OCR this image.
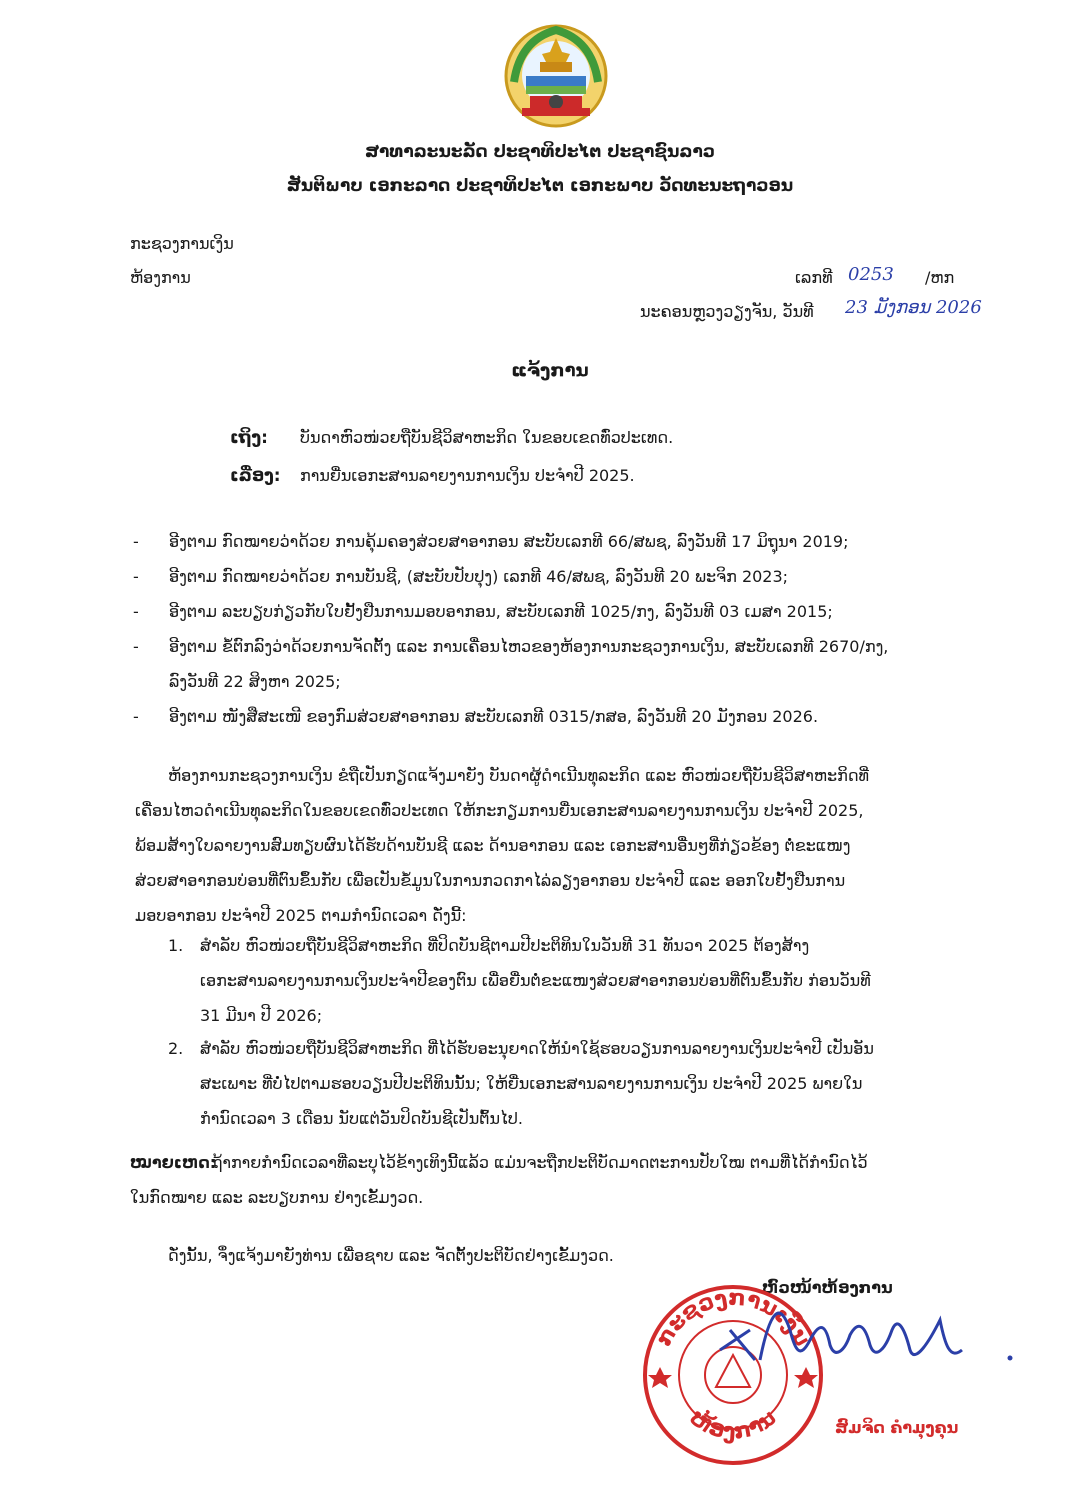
ສາທາລະນະລັດ ປະຊາທິປະໄຕ ປະຊາຊົນລາວ
ສັນຕິພາບ ເອກະລາດ ປະຊາທິປະໄຕ ເອກະພາບ ວັດທະນະຖາວອນ
ກະຊວງການເງິນ
ຫ້ອງການ	ເລກທີ 0253 /ຫກ
ນະຄອນຫຼວງວຽງຈັນ, ວັນທີ 23 ມັງກອນ 2026
ແຈ້ງການ
ເຖິງ: ບັນດາຫົວໜ່ວຍຖືບັນຊີວິສາຫະກິດ ໃນຂອບເຂດທົ່ວປະເທດ.
ເລື່ອງ: ການຍື່ນເອກະສານລາຍງານການເງິນ ປະຈໍາປີ 2025.
- ອີງຕາມ ກົດໝາຍວ່າດ້ວຍ ການຄຸ້ມຄອງສ່ວຍສາອາກອນ ສະບັບເລກທີ 66/ສພຊ, ລົງວັນທີ 17 ມິຖຸນາ 2019;
- ອີງຕາມ ກົດໝາຍວ່າດ້ວຍ ການບັນຊີ, (ສະບັບປັບປຸງ) ເລກທີ 46/ສພຊ, ລົງວັນທີ 20 ພະຈິກ 2023;
- ອີງຕາມ ລະບຽບກ່ຽວກັບໃບຢັ້ງຢືນການມອບອາກອນ, ສະບັບເລກທີ 1025/ກງ, ລົງວັນທີ 03 ເມສາ 2015;
- ອີງຕາມ ຂໍ້ຕົກລົງວ່າດ້ວຍການຈັດຕັ້ງ ແລະ ການເຄື່ອນໄຫວຂອງຫ້ອງການກະຊວງການເງິນ, ສະບັບເລກທີ 2670/ກງ,
ລົງວັນທີ 22 ສິງຫາ 2025;
- ອີງຕາມ ໜັງສືສະເໜີ ຂອງກົມສ່ວຍສາອາກອນ ສະບັບເລກທີ 0315/ກສອ, ລົງວັນທີ 20 ມັງກອນ 2026.
ຫ້ອງການກະຊວງການເງິນ ຂໍຖືເປັນກຽດແຈ້ງມາຍັງ ບັນດາຜູ້ດໍາເນີນທຸລະກິດ ແລະ ຫົວໜ່ວຍຖືບັນຊີວິສາຫະກິດທີ່
ເຄື່ອນໄຫວດໍາເນີນທຸລະກິດໃນຂອບເຂດທົ່ວປະເທດ ໃຫ້ກະກຽມການຍື່ນເອກະສານລາຍງານການເງິນ ປະຈໍາປີ 2025,
ພ້ອມສ້າງໃບລາຍງານສົມທຽບຜົນໄດ້ຮັບດ້ານບັນຊີ ແລະ ດ້ານອາກອນ ແລະ ເອກະສານອື່ນໆທີ່ກ່ຽວຂ້ອງ ຕໍ່ຂະແໜງ
ສ່ວຍສາອາກອນບ່ອນທີ່ຕົນຂຶ້ນກັບ ເພື່ອເປັນຂໍ້ມູນໃນການກວດກາໄລ່ລຽງອາກອນ ປະຈໍາປີ ແລະ ອອກໃບຢັ້ງຢືນການ
ມອບອາກອນ ປະຈໍາປີ 2025 ຕາມກໍານົດເວລາ ດັ່ງນີ້:
1. ສໍາລັບ ຫົວໜ່ວຍຖືບັນຊີວິສາຫະກິດ ທີ່ປິດບັນຊີຕາມປີປະຕິທິນໃນວັນທີ 31 ທັນວາ 2025 ຕ້ອງສ້າງ
ເອກະສານລາຍງານການເງິນປະຈໍາປີຂອງຕົນ ເພື່ອຍື່ນຕໍ່ຂະແໜງສ່ວຍສາອາກອນບ່ອນທີ່ຕົນຂຶ້ນກັບ ກ່ອນວັນທີ
31 ມີນາ ປີ 2026;
2. ສໍາລັບ ຫົວໜ່ວຍຖືບັນຊີວິສາຫະກິດ ທີ່ໄດ້ຮັບອະນຸຍາດໃຫ້ນໍາໃຊ້ຮອບວຽນການລາຍງານເງິນປະຈໍາປີ ເປັນອັນ
ສະເພາະ ທີ່ບໍ່ໄປຕາມຮອບວຽນປີປະຕິທິນນັ້ນ; ໃຫ້ຍື່ນເອກະສານລາຍງານການເງິນ ປະຈໍາປີ 2025 ພາຍໃນ
ກໍານົດເວລາ 3 ເດືອນ ນັບແຕ່ວັນປິດບັນຊີເປັນຕົ້ນໄປ.
ໝາຍເຫດ:
ຖ້າກາຍກໍານົດເວລາທີ່ລະບຸໄວ້ຂ້າງເທິງນີ້ແລ້ວ ແມ່ນຈະຖືກປະຕິບັດມາດຕະການປັບໃໝ ຕາມທີ່ໄດ້ກໍານົດໄວ້
ໃນກົດໝາຍ ແລະ ລະບຽບການ ຢ່າງເຂັ້ມງວດ.
ດັ່ງນັ້ນ, ຈຶ່ງແຈ້ງມາຍັງທ່ານ ເພື່ອຊາບ ແລະ ຈັດຕັ້ງປະຕິບັດຢ່າງເຂັ້ມງວດ.
ຫົວໜ້າຫ້ອງການ
ກະຊວງການເງິນ
ຫ້ອງການ	ສົມຈິດ ຄໍາມຸງຄຸນ
